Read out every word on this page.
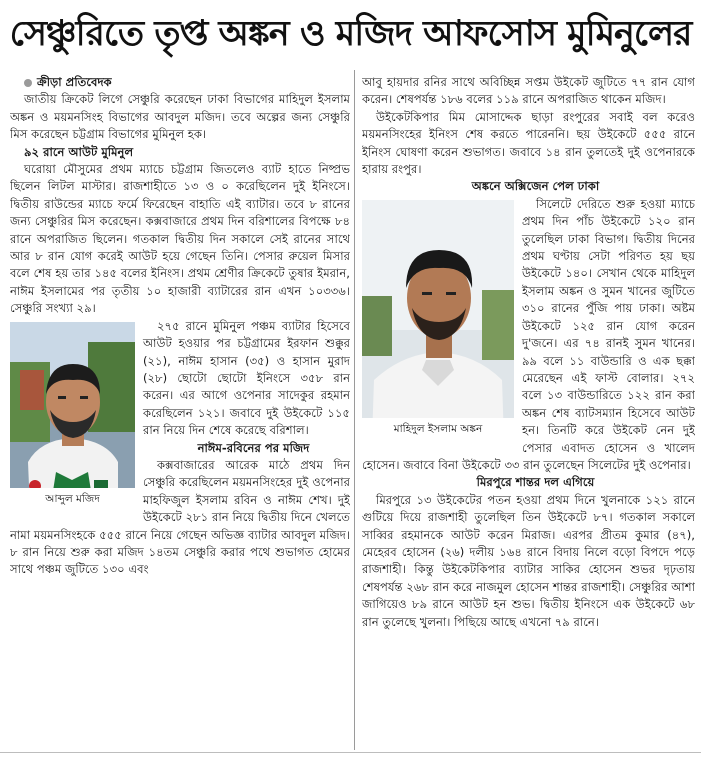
সেঞ্চুরিতে তৃপ্ত অঙ্কন ও মজিদ আফসোস মুমিনুলের

ক্রীড়া প্রতিবেদক

জাতীয় ক্রিকেট লিগে সেঞ্চুরি করেছেন ঢাকা বিভাগের মাহিদুল ইসলাম অঙ্কন ও ময়মনসিংহ বিভাগের আবদুল মজিদ। তবে অল্পের জন্য সেঞ্চুরি মিস করেছেন চট্টগ্রাম বিভাগের মুমিনুল হক।

৯২ রানে আউট মুমিনুল

ঘরোয়া মৌসুমের প্রথম ম্যাচে চট্টগ্রাম জিতলেও ব্যাট হাতে নিষ্প্রভ ছিলেন লিটল মাস্টার। রাজশাহীতে ১৩ ও ০ করেছিলেন দুই ইনিংসে। দ্বিতীয় রাউন্ডের ম্যাচে ফর্মে ফিরেছেন বাহাতি এই ব্যাটার। তবে ৮ রানের জন্য সেঞ্চুরির মিস করেছেন। কক্সবাজারে প্রথম দিন বরিশালের বিপক্ষে ৮৪ রানে অপরাজিত ছিলেন। গতকাল দ্বিতীয় দিন সকালে সেই রানের সাথে আর ৮ রান যোগ করেই আউট হয়ে গেছেন তিনি। পেসার রুয়েল মিসার বলে শেষ হয় তার ১৪৫ বলের ইনিংস। প্রথম শ্রেণীর ক্রিকেটে তুষার ইমরান, নাঈম ইসলামের পর তৃতীয় ১০ হাজারী ব্যাটারের রান এখন ১০৩৩৬। সেঞ্চুরি সংখ্যা ২৯।

আব্দুল মজিদ

২৭৫ রানে মুমিনুল পঞ্চম ব্যাটার হিসেবে আউট হওয়ার পর চট্টগ্রামের ইরফান শুক্কুর (২১), নাঈম হাসান (৩৫) ও হাসান মুরাদ (২৮) ছোটো ছোটো ইনিংসে ৩৫৮ রান করেন। এর আগে ওপেনার সাদেকুর রহমান করেছিলেন ১২১। জবাবে দুই উইকেটে ১১৫ রান নিয়ে দিন শেষে করেছে বরিশাল।

নাঈম-রবিনের পর মজিদ

কক্সবাজারের আরেক মাঠে প্রথম দিন সেঞ্চুরি করেছিলেন ময়মনসিংহের দুই ওপেনার মাহফিজুল ইসলাম রবিন ও নাঈম শেখ। দুই উইকেটে ২৮১ রান নিয়ে দ্বিতীয় দিনে খেলতে নামা ময়মনসিংহকে ৫৫৫ রানে নিয়ে গেছেন অভিজ্ঞ ব্যাটার আবদুল মজিদ। ৮ রান নিয়ে শুরু করা মজিদ ১৪তম সেঞ্চুরি করার পথে শুভাগত হোমের সাথে পঞ্চম জুটিতে ১৩০ এবং

আবু হায়দার রনির সাথে অবিচ্ছিন্ন সপ্তম উইকেট জুটিতে ৭৭ রান যোগ করেন। শেষপর্যন্ত ১৮৬ বলের ১১৯ রানে অপরাজিত থাকেন মজিদ।

উইকেটকিপার মিম মোসাদ্দেক ছাড়া রংপুরের সবাই বল করেও ময়মনসিংহের ইনিংস শেষ করতে পারেননি। ছয় উইকেটে ৫৫৫ রানে ইনিংস ঘোষণা করেন শুভাগত। জবাবে ১৪ রান তুলতেই দুই ওপেনারকে হারায় রংপুর।

অঙ্কনে অক্সিজেন পেল ঢাকা

মাহিদুল ইসলাম অঙ্কন

সিলেটে দেরিতে শুরু হওয়া ম্যাচে প্রথম দিন পাঁচ উইকেটে ১২০ রান তুলেছিল ঢাকা বিভাগ। দ্বিতীয় দিনের প্রথম ঘণ্টায় সেটা পরিণত হয় ছয় উইকেটে ১৪০। সেখান থেকে মাহিদুল ইসলাম অঙ্কন ও সুমন খানের জুটিতে ৩১০ রানের পুঁজি পায় ঢাকা। অষ্টম উইকেটে ১২৫ রান যোগ করেন দু'জনে। এর ৭৪ রানই সুমন খানের। ৯৯ বলে ১১ বাউন্ডারি ও এক ছক্কা মেরেছেন এই ফাস্ট বোলার। ২৭২ বলে ১৩ বাউন্ডারিতে ১২২ রান করা অঙ্কন শেষ ব্যাটসম্যান হিসেবে আউট হন। তিনটি করে উইকেট নেন দুই পেসার এবাদত হোসেন ও খালেদ হোসেন। জবাবে বিনা উইকেটে ৩৩ রান তুলেছেন সিলেটের দুই ওপেনার।

মিরপুরে শান্তর দল এগিয়ে

মিরপুরে ১৩ উইকেটের পতন হওয়া প্রথম দিনে খুলনাকে ১২১ রানে গুটিয়ে দিয়ে রাজশাহী তুলেছিল তিন উইকেটে ৮৭। গতকাল সকালে সাব্বির রহমানকে আউট করেন মিরাজ। এরপর প্রীতম কুমার (৪৭), মেহেরব হোসেন (২৬) দলীয় ১৬৪ রানে বিদায় নিলে বড়ো বিপদে পড়ে রাজশাহী। কিন্তু উইকেটকিপার ব্যাটার সাকির হোসেন শুভর দৃঢ়তায় শেষপর্যন্ত ২৬৮ রান করে নাজমুল হোসেন শান্তর রাজশাহী। সেঞ্চুরির আশা জাগিয়েও ৮৯ রানে আউট হন শুভ। দ্বিতীয় ইনিংসে এক উইকেটে ৬৮ রান তুলেছে খুলনা। পিছিয়ে আছে এখনো ৭৯ রানে।
